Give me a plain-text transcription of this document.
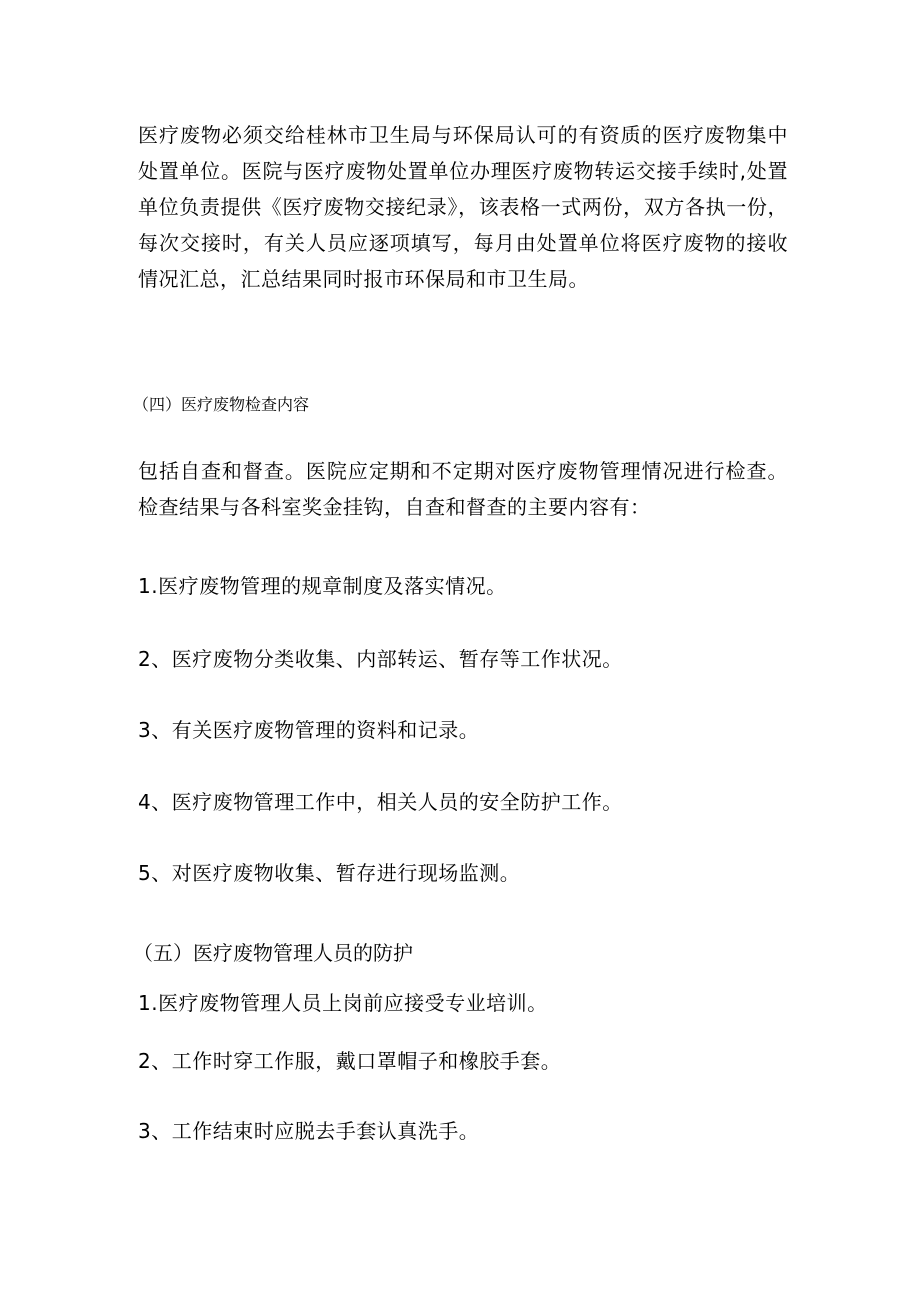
医疗废物必须交给桂林市卫生局与环保局认可的有资质的医疗废物集中处置单位。医院与医疗废物处置单位办理医疗废物转运交接手续时,处置单位负责提供《医疗废物交接纪录》，该表格一式两份，双方各执一份，每次交接时，有关人员应逐项填写，每月由处置单位将医疗废物的接收情况汇总，汇总结果同时报市环保局和市卫生局。

（四）医疗废物检查内容

包括自查和督查。医院应定期和不定期对医疗废物管理情况进行检查。检查结果与各科室奖金挂钩，自查和督查的主要内容有：

1.医疗废物管理的规章制度及落实情况。

2、医疗废物分类收集、内部转运、暂存等工作状况。

3、有关医疗废物管理的资料和记录。

4、医疗废物管理工作中，相关人员的安全防护工作。

5、对医疗废物收集、暂存进行现场监测。

（五）医疗废物管理人员的防护

1.医疗废物管理人员上岗前应接受专业培训。

2、工作时穿工作服，戴口罩帽子和橡胶手套。

3、工作结束时应脱去手套认真洗手。
